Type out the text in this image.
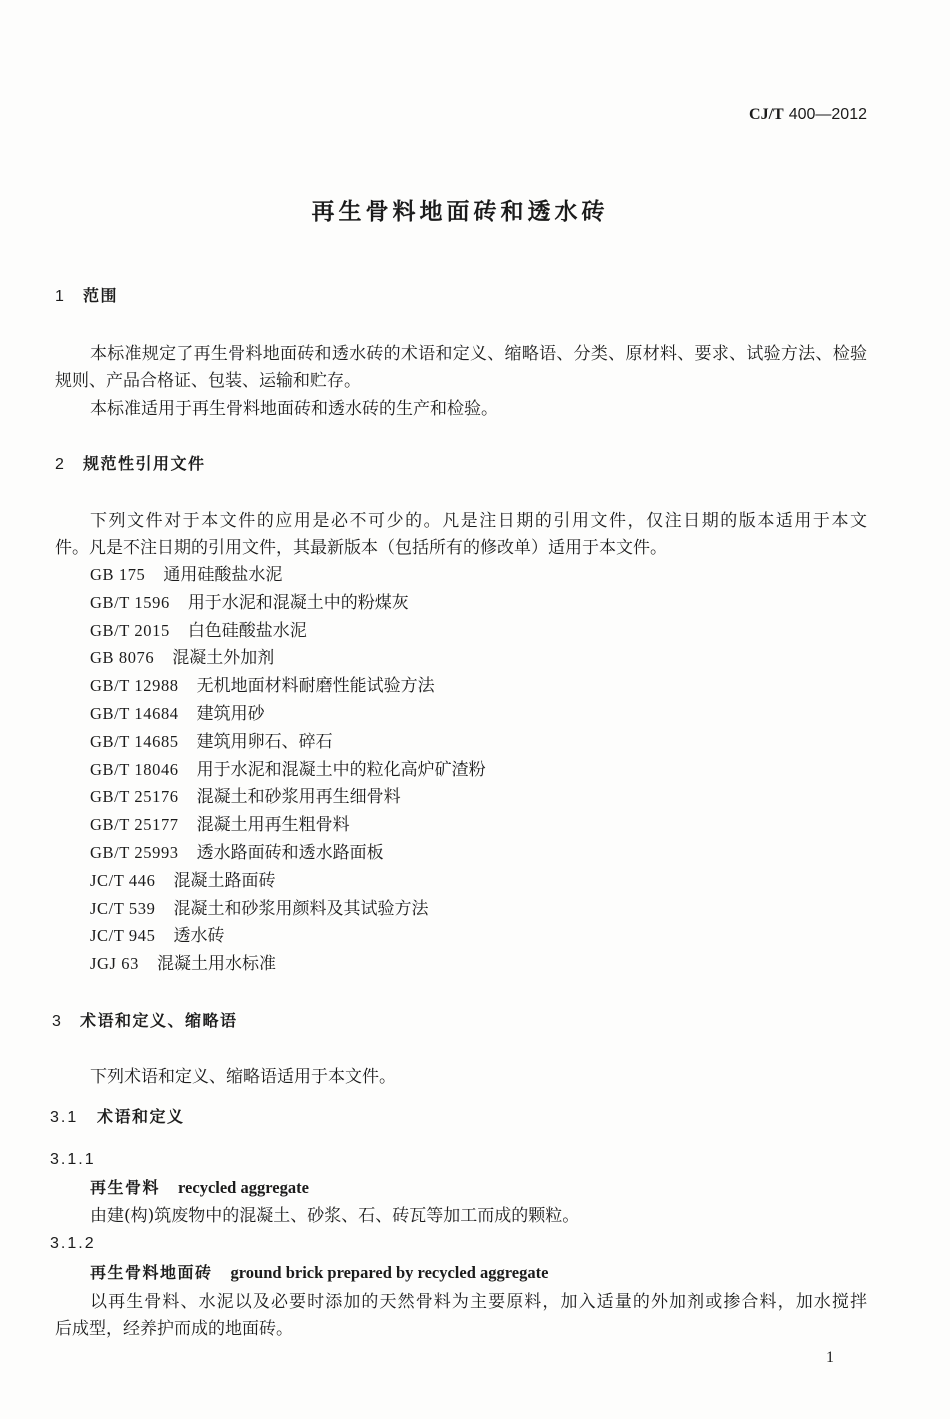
CJ/T 400—2012
再生骨料地面砖和透水砖
1 范围
本标准规定了再生骨料地面砖和透水砖的术语和定义、缩略语、分类、原材料、要求、试验方法、检验
规则、产品合格证、包装、运输和贮存。
本标准适用于再生骨料地面砖和透水砖的生产和检验。
2 规范性引用文件
下列文件对于本文件的应用是必不可少的。凡是注日期的引用文件，仅注日期的版本适用于本文
件。凡是不注日期的引用文件，其最新版本（包括所有的修改单）适用于本文件。
GB 175 通用硅酸盐水泥
GB/T 1596 用于水泥和混凝土中的粉煤灰
GB/T 2015 白色硅酸盐水泥
GB 8076 混凝土外加剂
GB/T 12988 无机地面材料耐磨性能试验方法
GB/T 14684 建筑用砂
GB/T 14685 建筑用卵石、碎石
GB/T 18046 用于水泥和混凝土中的粒化高炉矿渣粉
GB/T 25176 混凝土和砂浆用再生细骨料
GB/T 25177 混凝土用再生粗骨料
GB/T 25993 透水路面砖和透水路面板
JC/T 446 混凝土路面砖
JC/T 539 混凝土和砂浆用颜料及其试验方法
JC/T 945 透水砖
JGJ 63 混凝土用水标准
3 术语和定义、缩略语
下列术语和定义、缩略语适用于本文件。
3.1 术语和定义
3.1.1
再生骨料 recycled aggregate
由建(构)筑废物中的混凝土、砂浆、石、砖瓦等加工而成的颗粒。
3.1.2
再生骨料地面砖 ground brick prepared by recycled aggregate
以再生骨料、水泥以及必要时添加的天然骨料为主要原料，加入适量的外加剂或掺合料，加水搅拌
后成型，经养护而成的地面砖。
1
